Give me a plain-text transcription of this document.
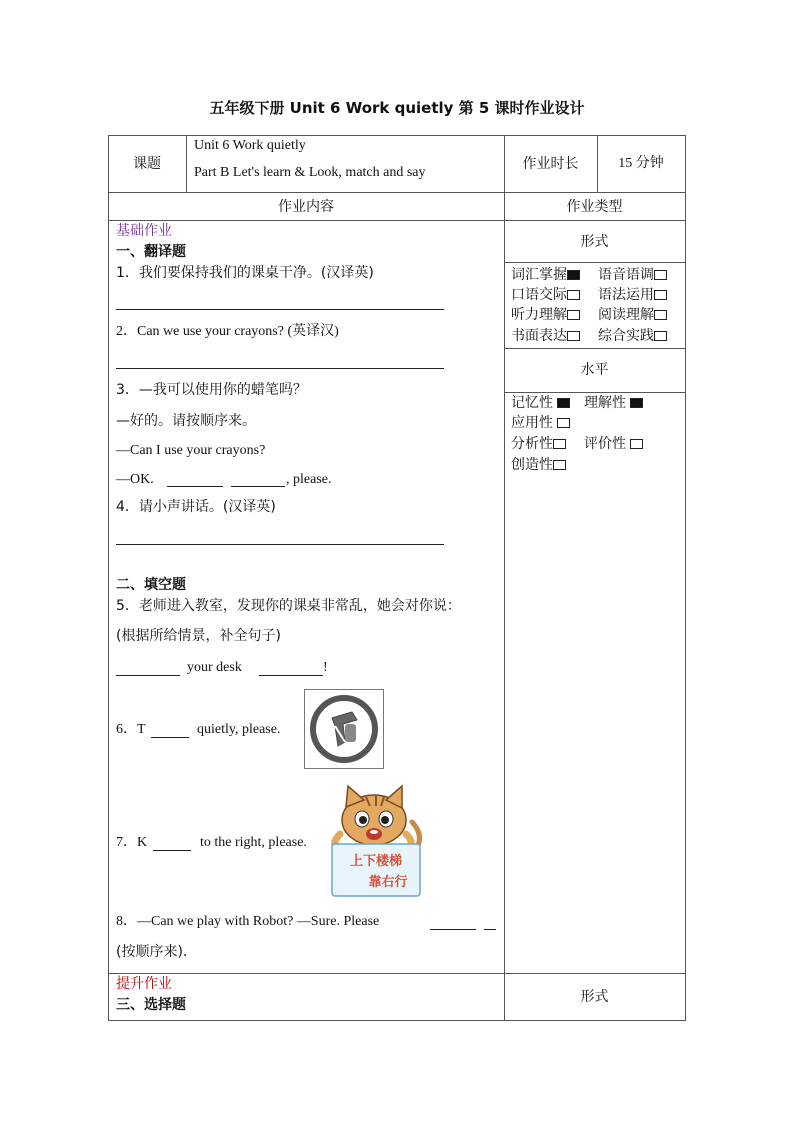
五年级下册 Unit 6 Work quietly 第 5 课时作业设计
课题
Unit 6 Work quietly
Part B Let's learn & Look, match and say
作业时长	15 分钟
作业内容	作业类型
基础作业
一、翻译题
1．我们要保持我们的课桌干净。(汉译英)
2．Can we use your crayons? (英译汉)
3．—我可以使用你的蜡笔吗？
—好的。请按顺序来。
—Can I use your crayons?
—OK.	, please.
4．请小声讲话。(汉译英)
二、填空题
5．老师进入教室，发现你的课桌非常乱，她会对你说：
(根据所给情景，补全句子)
your desk	!
6．T	quietly, please.
7．K	to the right, please.
上下楼梯
靠右行
8．—Can we play with Robot? —Sure. Please
(按顺序来).
形式
词汇掌握	语音语调
口语交际	语法运用
听力理解	阅读理解
书面表达	综合实践
水平
记忆性	理解性
应用性
分析性	评价性
创造性
提升作业
三、选择题	形式
